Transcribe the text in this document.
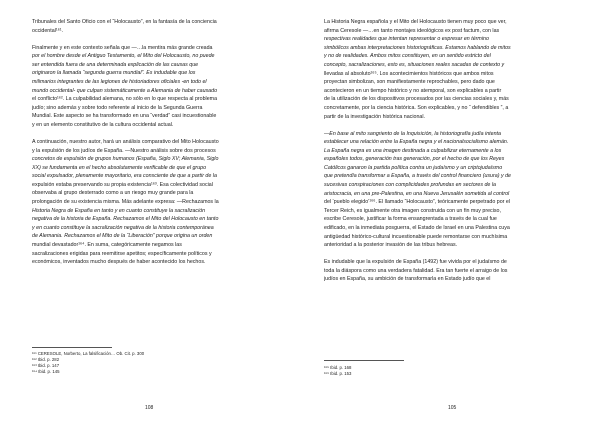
Tribunales del Santo Oficio con el “Holocausto”, en la fantasía de la conciencia
occidental¹⁶¹.
Finalmente y en este contexto señala que —…la mentira más grande creada
por el hombre desde el Antiguo Testamento, el Mito del Holocausto, no puede
ser entendida fuera de una determinada explicación de las causas que
originaron la llamada “segunda guerra mundial”. Es indudable que los
milimarios integrantes de las legiones de historiadores oficiales -en todo el
mundo occidental- que culpan sistemáticamente a Alemania de haber causado
el conflicto¹⁶². La culpabilidad alemana, no sólo en lo que respecta al problema
judío; sino además y sobre todo referente al inicio de la Segunda Guerra
Mundial. Este aspecto se ha transformado en una “verdad” casi incuestionable
y en un elemento constitutivo de la cultura occidental actual.
A continuación, nuestro autor, hará un análisis comparativo del Mito Holocausto
y la expulsión de los judíos de España. —Nuestro análisis sobre dos procesos
concretos de expulsión de grupos humanos (España, Siglo XV; Alemania, Siglo
XX) se fundamenta en el hecho absolutamente verificable de que el grupo
social expulsador, plenamente mayoritario, era consciente de que a partir de la
expulsión estaba preservando su propia existencia¹⁶³. Esa colectividad social
observaba al grupo desterrado como a un riesgo muy grande para la
prolongación de su existencia misma. Más adelante expresa: —Rechazamos la
Historia Negra de España en tanto y en cuanto constituye la sacralización
negativa de la historia de España. Rechazamos el Mito del Holocausto en tanto
y en cuanto constituye la sacralización negativa de la historia contemporánea
de Alemania. Rechazamos el Mito de la “Liberación” porque origina un orden
mundial devastador¹⁶⁴. En suma, categóricamente negamos las
sacralizaciones erigidas para reemitirse apetitos; específicamente políticos y
económicos, inventados mucho después de haber acontecido los hechos.
¹⁶¹ CERESOLE, Norberto, La falsificación… Ob. Cit. p. 300
¹⁶² Ibid. p. 282
¹⁶³ Ibid. p. 147
¹⁶⁴ Ibid. p. 145
108
La Historia Negra española y el Mito del Holocausto tienen muy poco que ver,
afirma Ceresole —…en tanto montajes ideológicos ex post factum, con las
respectivas realidades que intentan representar o expresar en término
simbólicos ambas interpretaciones historiográficas. Estamos hablando de mitos
y no de realidades. Ambos mitos constituyen, en un sentido estricto del
concepto, sacralizaciones, esto es, situaciones reales sacadas de contexto y
llevadas al absoluto¹⁶⁵. Los acontecimientos históricos que ambos mitos
proyectan simbolizan, son manifiestamente reprochables, pero dado que
acontecieron en un tiempo histórico y no atemporal, son explicables a partir
de la utilización de los dispositivos procesados por las ciencias sociales y, más
concretamente, por la ciencia histórica. Son explicables, y no “ defendibles ”, a
partir de la investigación histórica nacional.
—En base al mito sangriento de la Inquisición, la historiografía judía intenta
establecer una relación entre la España negra y el nacionalsocialismo alemán.
La España negra es una imagen destinada a culpabilizar eternamente a los
españoles todos, generación tras generación, por el hecho de que los Reyes
Católicos ganaron la partida política contra un judaísmo y un criptojudaísmo
que pretendía transformar a España, a través del control financiero (usura) y de
sucesivas conspiraciones con complicidades profundas en sectores de la
aristocracia, en una pre-Palestina, en una Nueva Jerusalén sometida al control
del ‘pueblo elegido’¹⁶⁶. El llamado “Holocausto”, teóricamente perpetrado por el
Tercer Reich, es igualmente otra imagen construida con un fin muy preciso,
escribe Ceresole, justificar la forma ensangrentada a través de la cual fue
edificado, en la inmediata posguerra, el Estado de Israel en una Palestina cuya
antigüedad histórico-cultural incuestionable puede remontarse con muchísima
anterioridad a la posterior invasión de las tribus hebreas.
Es indudable que la expulsión de España (1492) fue vivida por el judaísmo de
toda la diáspora como una verdadera fatalidad. Era tan fuerte el arraigo de los
judíos en España, su ambición de transformarla en Estado judío que el
¹⁶⁵ Ibid. p. 168
¹⁶⁶ Ibid. p. 153
105
